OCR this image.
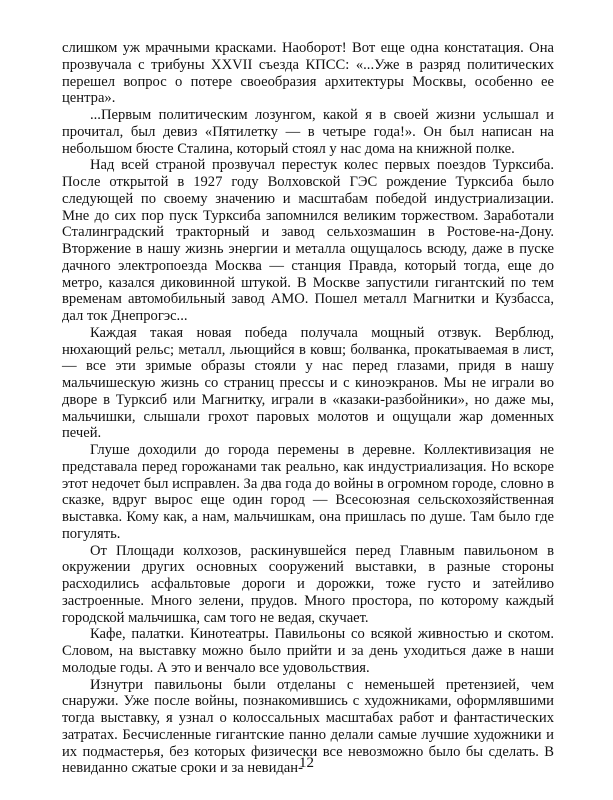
слишком уж мрачными красками. Наоборот! Вот еще одна констатация. Она прозвучала с трибуны XXVII съезда КПСС: «...Уже в разряд политических перешел вопрос о потере своеобразия архитектуры Москвы, особенно ее центра».

...Первым политическим лозунгом, какой я в своей жизни услышал и прочитал, был девиз «Пятилетку — в четыре года!». Он был написан на небольшом бюсте Сталина, который стоял у нас дома на книжной полке.

Над всей страной прозвучал перестук колес первых поездов Турксиба. После открытой в 1927 году Волховской ГЭС рождение Турксиба было следующей по своему значению и масштабам победой индустриализации. Мне до сих пор пуск Турксиба запомнился великим торжеством. Заработали Сталинградский тракторный и завод сельхозмашин в Ростове-на-Дону. Вторжение в нашу жизнь энергии и металла ощущалось всюду, даже в пуске дачного электропоезда Москва — станция Правда, который тогда, еще до метро, казался диковинной штукой. В Москве запустили гигантский по тем временам автомобильный завод АМО. Пошел металл Магнитки и Кузбасса, дал ток Днепрогэс...

Каждая такая новая победа получала мощный отзвук. Верблюд, нюхающий рельс; металл, льющийся в ковш; болванка, прокатываемая в лист,— все эти зримые образы стояли у нас перед глазами, придя в нашу мальчишескую жизнь со страниц прессы и с киноэкранов. Мы не играли во дворе в Турксиб или Магнитку, играли в «казаки-разбойники», но даже мы, мальчишки, слышали грохот паровых молотов и ощущали жар доменных печей.

Глуше доходили до города перемены в деревне. Коллективизация не представала перед горожанами так реально, как индустриализация. Но вскоре этот недочет был исправлен. За два года до войны в огромном городе, словно в сказке, вдруг вырос еще один город — Всесоюзная сельскохозяйственная выставка. Кому как, а нам, мальчишкам, она пришлась по душе. Там было где погулять.

От Площади колхозов, раскинувшейся перед Главным павильоном в окружении других основных сооружений выставки, в разные стороны расходились асфальтовые дороги и дорожки, тоже густо и затейливо застроенные. Много зелени, прудов. Много простора, по которому каждый городской мальчишка, сам того не ведая, скучает.

Кафе, палатки. Кинотеатры. Павильоны со всякой живностью и скотом. Словом, на выставку можно было прийти и за день уходиться даже в наши молодые годы. А это и венчало все удовольствия.

Изнутри павильоны были отделаны с неменьшей претензией, чем снаружи. Уже после войны, познакомившись с художниками, оформлявшими тогда выставку, я узнал о колоссальных масштабах работ и фантастических затратах. Бесчисленные гигантские панно делали самые лучшие художники и их подмастерья, без которых физически все невозможно было бы сделать. В невиданно сжатые сроки и за невидан-

12
